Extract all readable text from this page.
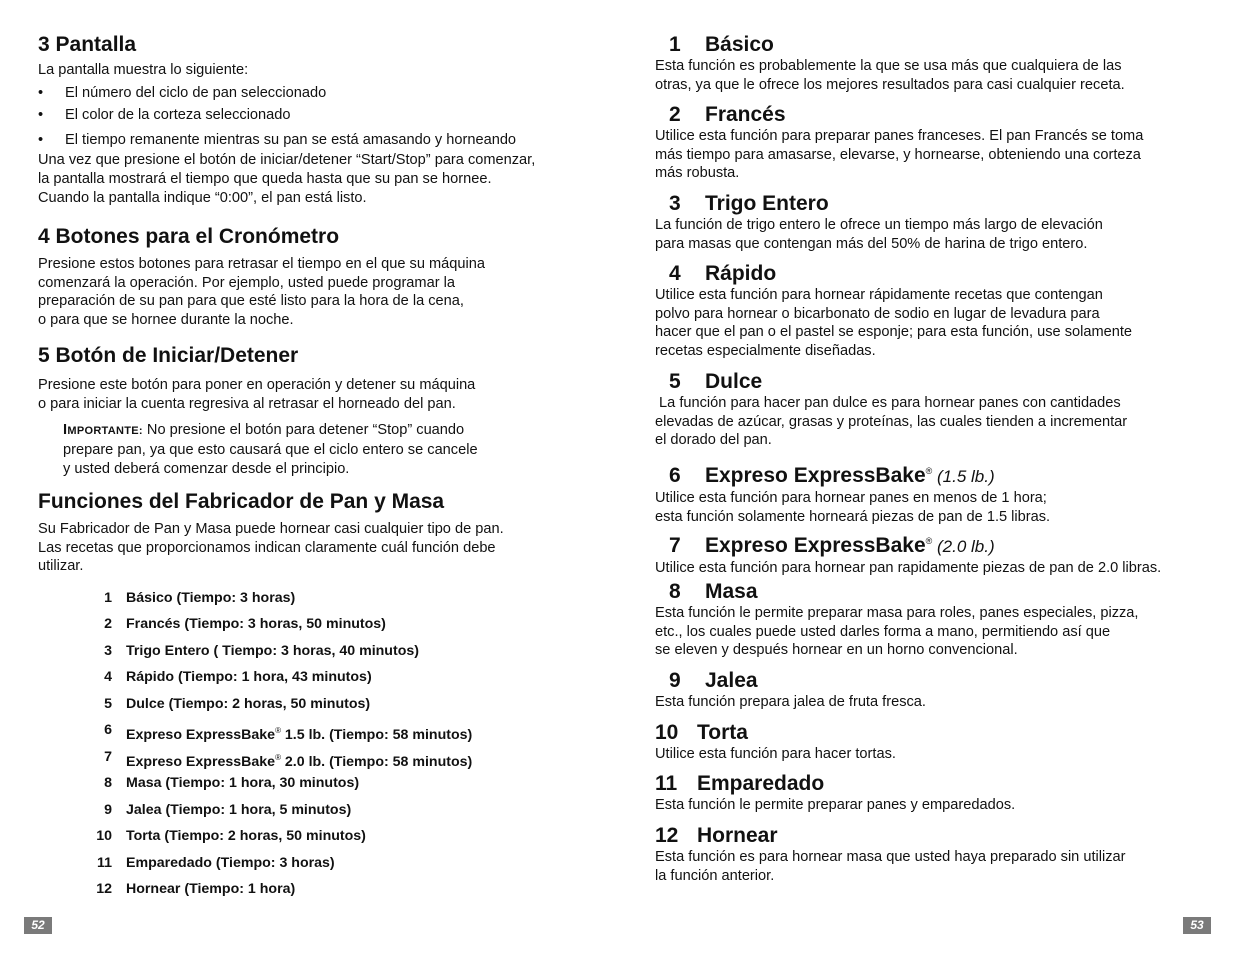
3 Pantalla

La pantalla muestra lo siguiente:

• El número del ciclo de pan seleccionado
• El color de la corteza seleccionado
• El tiempo remanente mientras su pan se está amasando y horneando

Una vez que presione el botón de iniciar/detener “Start/Stop” para comenzar,
la pantalla mostrará el tiempo que queda hasta que su pan se hornee.
Cuando la pantalla indique “0:00”, el pan está listo.

4 Botones para el Cronómetro

Presione estos botones para retrasar el tiempo en el que su máquina
comenzará la operación. Por ejemplo, usted puede programar la
preparación de su pan para que esté listo para la hora de la cena,
o para que se hornee durante la noche.

5 Botón de Iniciar/Detener

Presione este botón para poner en operación y detener su máquina
o para iniciar la cuenta regresiva al retrasar el horneado del pan.

IMPORTANTE: No presione el botón para detener “Stop” cuando
prepare pan, ya que esto causará que el ciclo entero se cancele
y usted deberá comenzar desde el principio.
Funciones del Fabricador de Pan y Masa

Su Fabricador de Pan y Masa puede hornear casi cualquier tipo de pan.
Las recetas que proporcionamos indican claramente cuál función debe
utilizar.

1 Básico (Tiempo: 3 horas)
2 Francés (Tiempo: 3 horas, 50 minutos)
3 Trigo Entero ( Tiempo: 3 horas, 40 minutos)
4 Rápido (Tiempo: 1 hora, 43 minutos)
5 Dulce (Tiempo: 2 horas, 50 minutos)
6 Expreso ExpressBake® 1.5 lb. (Tiempo: 58 minutos)
7 Expreso ExpressBake® 2.0 lb. (Tiempo: 58 minutos)
8 Masa (Tiempo: 1 hora, 30 minutos)
9 Jalea (Tiempo: 1 hora, 5 minutos)
10 Torta (Tiempo: 2 horas, 50 minutos)
11 Emparedado (Tiempo: 3 horas)
12 Hornear (Tiempo: 1 hora)
52
1 Básico

Esta función es probablemente la que se usa más que cualquiera de las
otras, ya que le ofrece los mejores resultados para casi cualquier receta.

2 Francés

Utilice esta función para preparar panes franceses. El pan Francés se toma
más tiempo para amasarse, elevarse, y hornearse, obteniendo una corteza
más robusta.

3 Trigo Entero

La función de trigo entero le ofrece un tiempo más largo de elevación
para masas que contengan más del 50% de harina de trigo entero.

4 Rápido

Utilice esta función para hornear rápidamente recetas que contengan
polvo para hornear o bicarbonato de sodio en lugar de levadura para
hacer que el pan o el pastel se esponje; para esta función, use solamente
recetas especialmente diseñadas.

5 Dulce

La función para hacer pan dulce es para hornear panes con cantidades
elevadas de azúcar, grasas y proteínas, las cuales tienden a incrementar
el dorado del pan.

6 Expreso ExpressBake® (1.5 lb.)

Utilice esta función para hornear panes en menos de 1 hora;
esta función solamente horneará piezas de pan de 1.5 libras.

7 Expreso ExpressBake® (2.0 lb.)

Utilice esta función para hornear pan rapidamente piezas de pan de 2.0 libras.

8 Masa

Esta función le permite preparar masa para roles, panes especiales, pizza,
etc., los cuales puede usted darles forma a mano, permitiendo así que
se eleven y después hornear en un horno convencional.

9 Jalea

Esta función prepara jalea de fruta fresca.

10 Torta

Utilice esta función para hacer tortas.

11 Emparedado

Esta función le permite preparar panes y emparedados.

12 Hornear

Esta función es para hornear masa que usted haya preparado sin utilizar
la función anterior.

53
